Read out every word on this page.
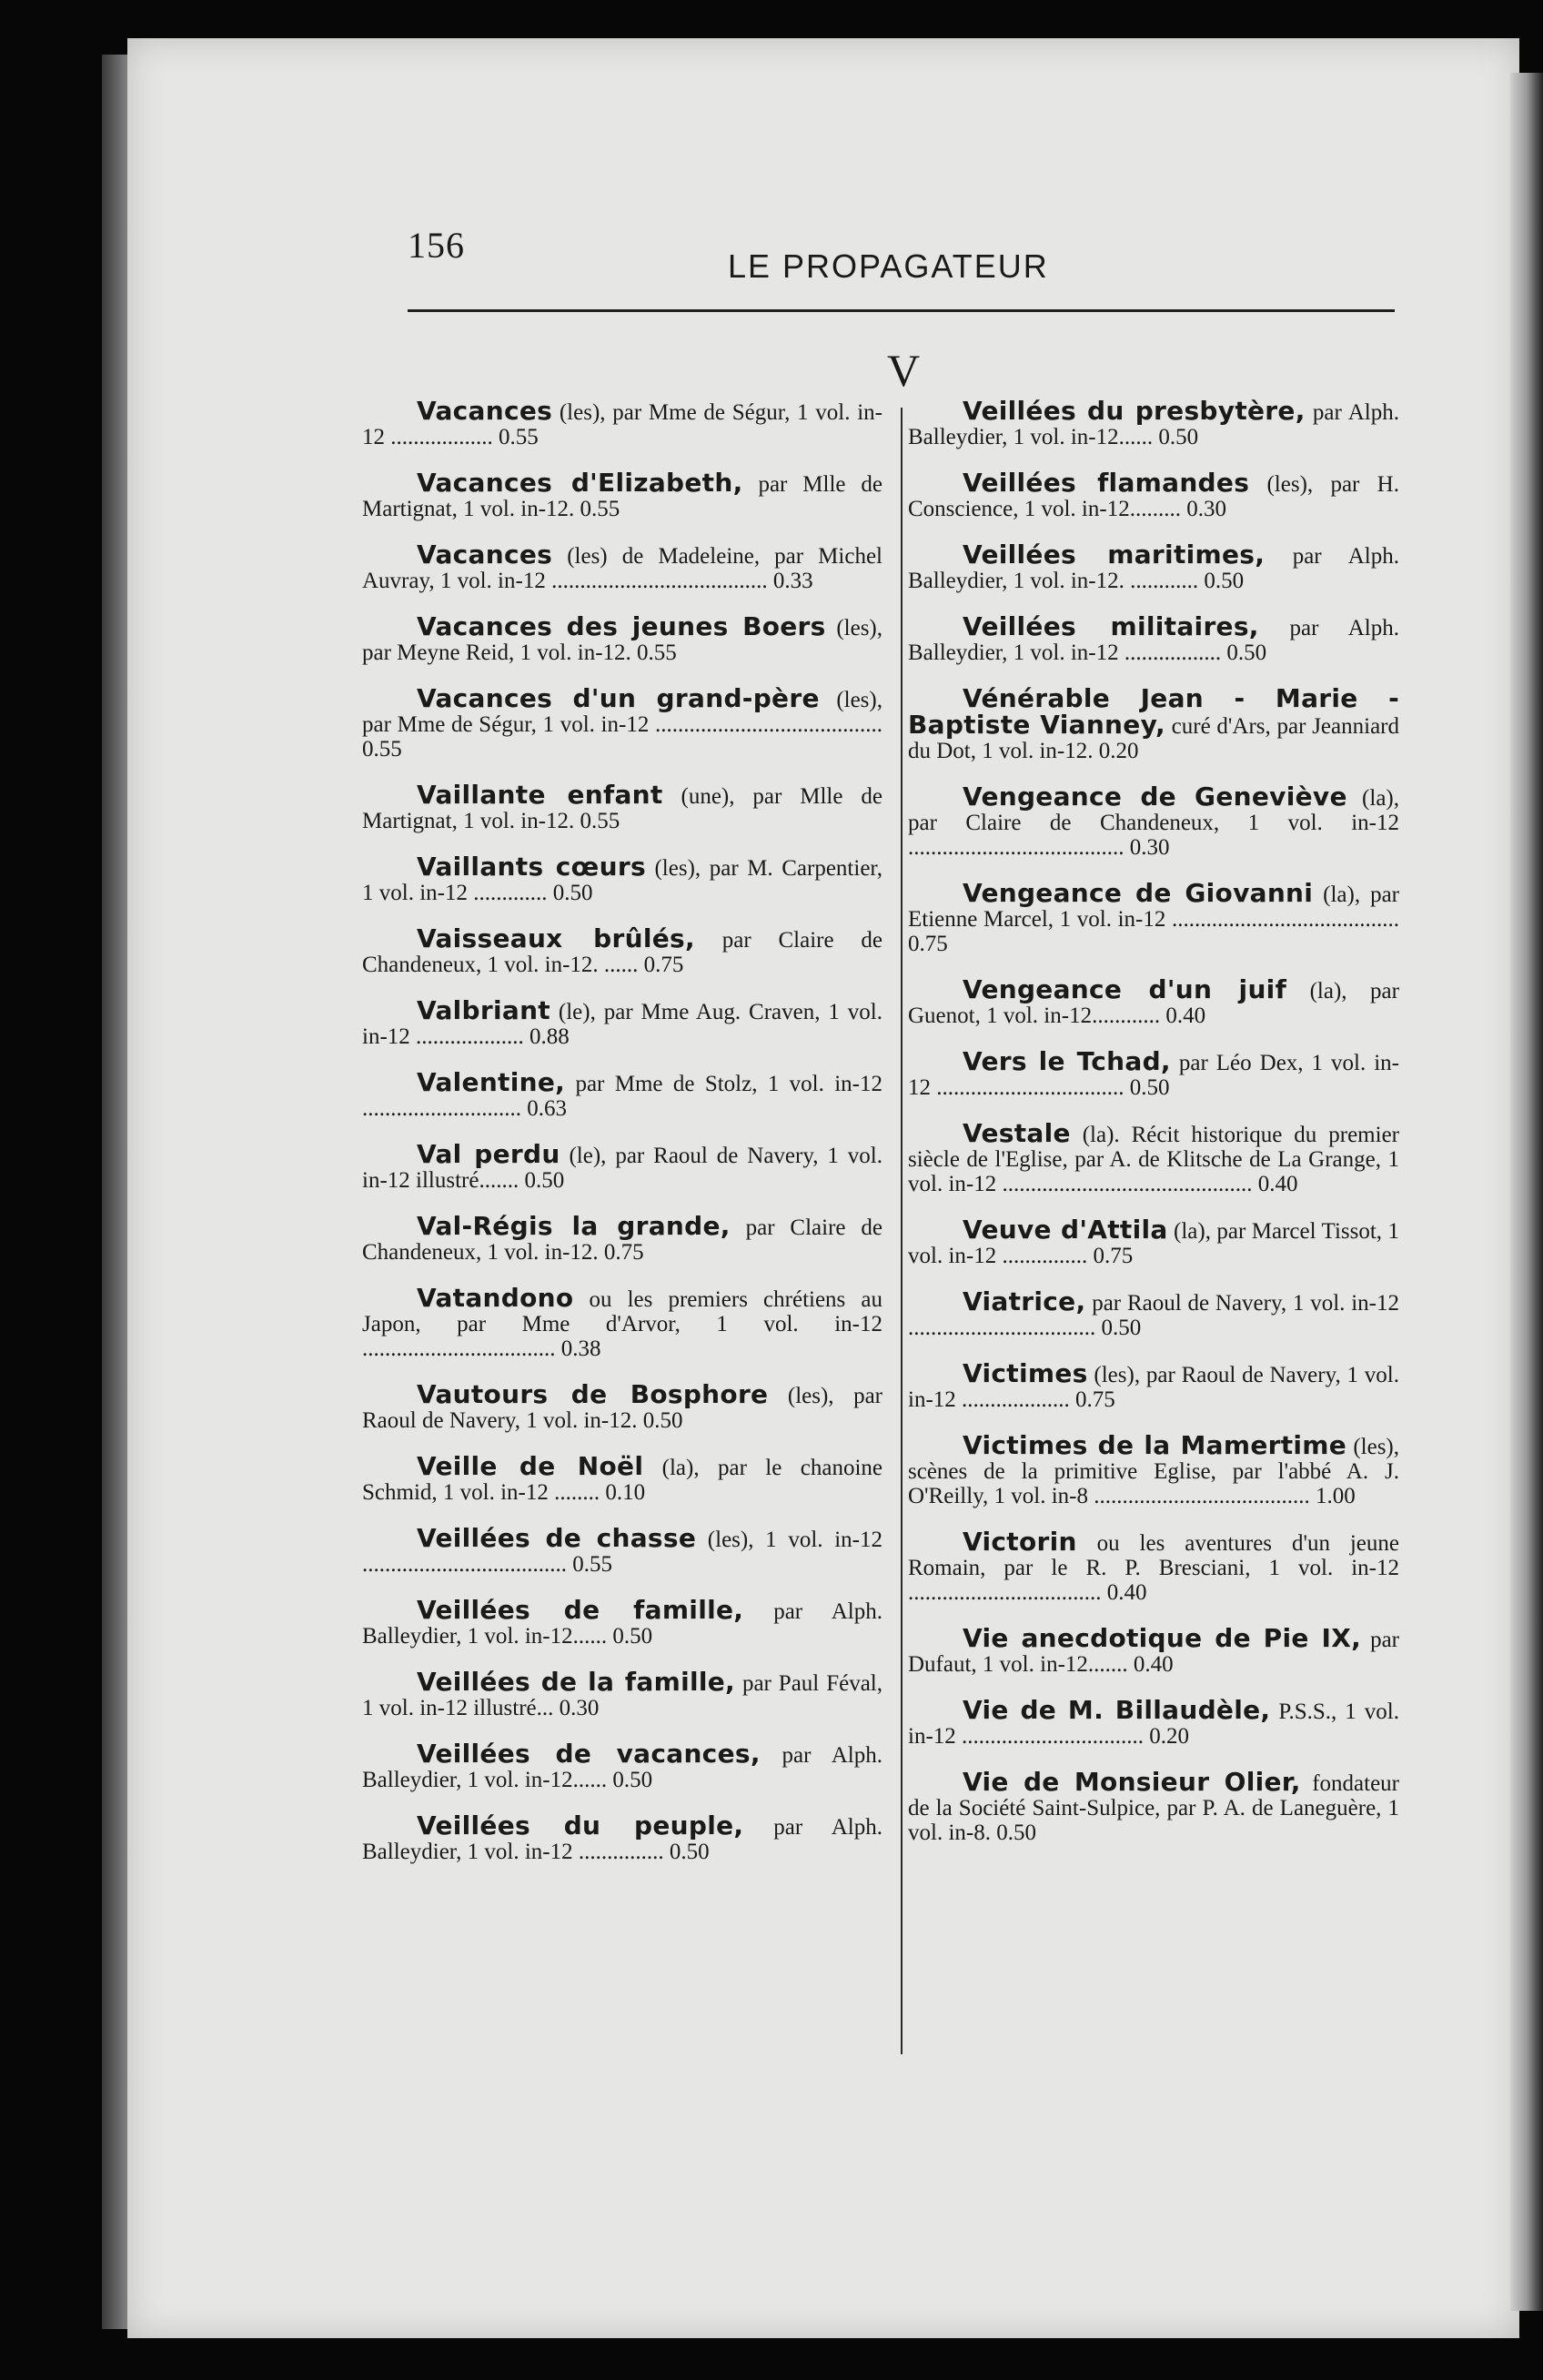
156
LE PROPAGATEUR
V
Vacances (les), par Mme de Ségur, 1 vol. in-12 .................. 0.55
Vacances d'Elizabeth, par Mlle de Martignat, 1 vol. in-12. 0.55
Vacances (les) de Madeleine, par Michel Auvray, 1 vol. in-12 ...................................... 0.33
Vacances des jeunes Boers (les), par Meyne Reid, 1 vol. in-12. 0.55
Vacances d'un grand-père (les), par Mme de Ségur, 1 vol. in-12 ........................................ 0.55
Vaillante enfant (une), par Mlle de Martignat, 1 vol. in-12. 0.55
Vaillants cœurs (les), par M. Carpentier, 1 vol. in-12 ............. 0.50
Vaisseaux brûlés, par Claire de Chandeneux, 1 vol. in-12. ...... 0.75
Valbriant (le), par Mme Aug. Craven, 1 vol. in-12 ................... 0.88
Valentine, par Mme de Stolz, 1 vol. in-12 ............................ 0.63
Val perdu (le), par Raoul de Navery, 1 vol. in-12 illustré....... 0.50
Val-Régis la grande, par Claire de Chandeneux, 1 vol. in-12. 0.75
Vatandono ou les premiers chrétiens au Japon, par Mme d'Arvor, 1 vol. in-12 .................................. 0.38
Vautours de Bosphore (les), par Raoul de Navery, 1 vol. in-12. 0.50
Veille de Noël (la), par le chanoine Schmid, 1 vol. in-12 ........ 0.10
Veillées de chasse (les), 1 vol. in-12 .................................... 0.55
Veillées de famille, par Alph. Balleydier, 1 vol. in-12...... 0.50
Veillées de la famille, par Paul Féval, 1 vol. in-12 illustré... 0.30
Veillées de vacances, par Alph. Balleydier, 1 vol. in-12...... 0.50
Veillées du peuple, par Alph. Balleydier, 1 vol. in-12 ............... 0.50
Veillées du presbytère, par Alph. Balleydier, 1 vol. in-12...... 0.50
Veillées flamandes (les), par H. Conscience, 1 vol. in-12......... 0.30
Veillées maritimes, par Alph. Balleydier, 1 vol. in-12. ............ 0.50
Veillées militaires, par Alph. Balleydier, 1 vol. in-12 ................. 0.50
Vénérable Jean - Marie - Baptiste Vianney, curé d'Ars, par Jeanniard du Dot, 1 vol. in-12. 0.20
Vengeance de Geneviève (la), par Claire de Chandeneux, 1 vol. in-12 ...................................... 0.30
Vengeance de Giovanni (la), par Etienne Marcel, 1 vol. in-12 ........................................ 0.75
Vengeance d'un juif (la), par Guenot, 1 vol. in-12............ 0.40
Vers le Tchad, par Léo Dex, 1 vol. in-12 ................................. 0.50
Vestale (la). Récit historique du premier siècle de l'Eglise, par A. de Klitsche de La Grange, 1 vol. in-12 ............................................ 0.40
Veuve d'Attila (la), par Marcel Tissot, 1 vol. in-12 ............... 0.75
Viatrice, par Raoul de Navery, 1 vol. in-12 ................................. 0.50
Victimes (les), par Raoul de Navery, 1 vol. in-12 ................... 0.75
Victimes de la Mamertime (les), scènes de la primitive Eglise, par l'abbé A. J. O'Reilly, 1 vol. in-8 ...................................... 1.00
Victorin ou les aventures d'un jeune Romain, par le R. P. Bresciani, 1 vol. in-12 .................................. 0.40
Vie anecdotique de Pie IX, par Dufaut, 1 vol. in-12....... 0.40
Vie de M. Billaudèle, P.S.S., 1 vol. in-12 ................................ 0.20
Vie de Monsieur Olier, fondateur de la Société Saint-Sulpice, par P. A. de Laneguère, 1 vol. in-8. 0.50
